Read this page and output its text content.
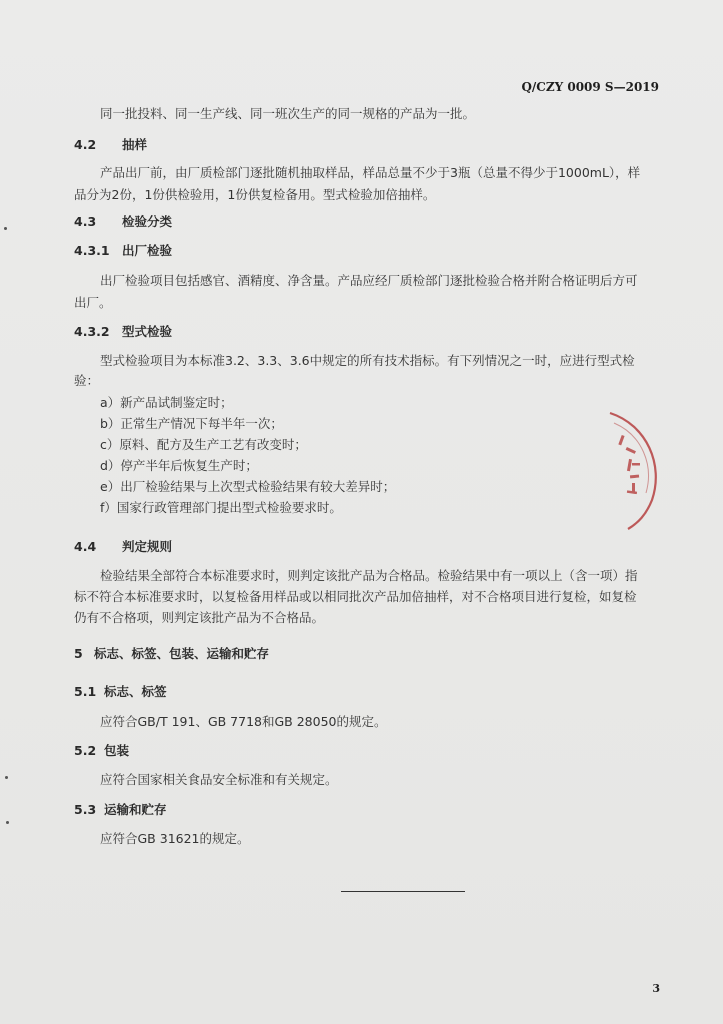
Q/CZY 0009 S—2019
同一批投料、同一生产线、同一班次生产的同一规格的产品为一批。
4.2 抽样
产品出厂前，由厂质检部门逐批随机抽取样品，样品总量不少于3瓶（总量不得少于1000mL），样
品分为2份，1份供检验用，1份供复检备用。型式检验加倍抽样。
4.3 检验分类
4.3.1 出厂检验
出厂检验项目包括感官、酒精度、净含量。产品应经厂质检部门逐批检验合格并附合格证明后方可
出厂。
4.3.2 型式检验
型式检验项目为本标准3.2、3.3、3.6中规定的所有技术指标。有下列情况之一时，应进行型式检
验：
a）新产品试制鉴定时；
b）正常生产情况下每半年一次；
c）原料、配方及生产工艺有改变时；
d）停产半年后恢复生产时；
e）出厂检验结果与上次型式检验结果有较大差异时；
f）国家行政管理部门提出型式检验要求时。
4.4 判定规则
检验结果全部符合本标准要求时，则判定该批产品为合格品。检验结果中有一项以上（含一项）指
标不符合本标准要求时，以复检备用样品或以相同批次产品加倍抽样，对不合格项目进行复检，如复检
仍有不合格项，则判定该批产品为不合格品。
5 标志、标签、包装、运输和贮存
5.1 标志、标签
应符合GB/T 191、GB 7718和GB 28050的规定。
5.2 包装
应符合国家相关食品安全标准和有关规定。
5.3 运输和贮存
应符合GB 31621的规定。
3
